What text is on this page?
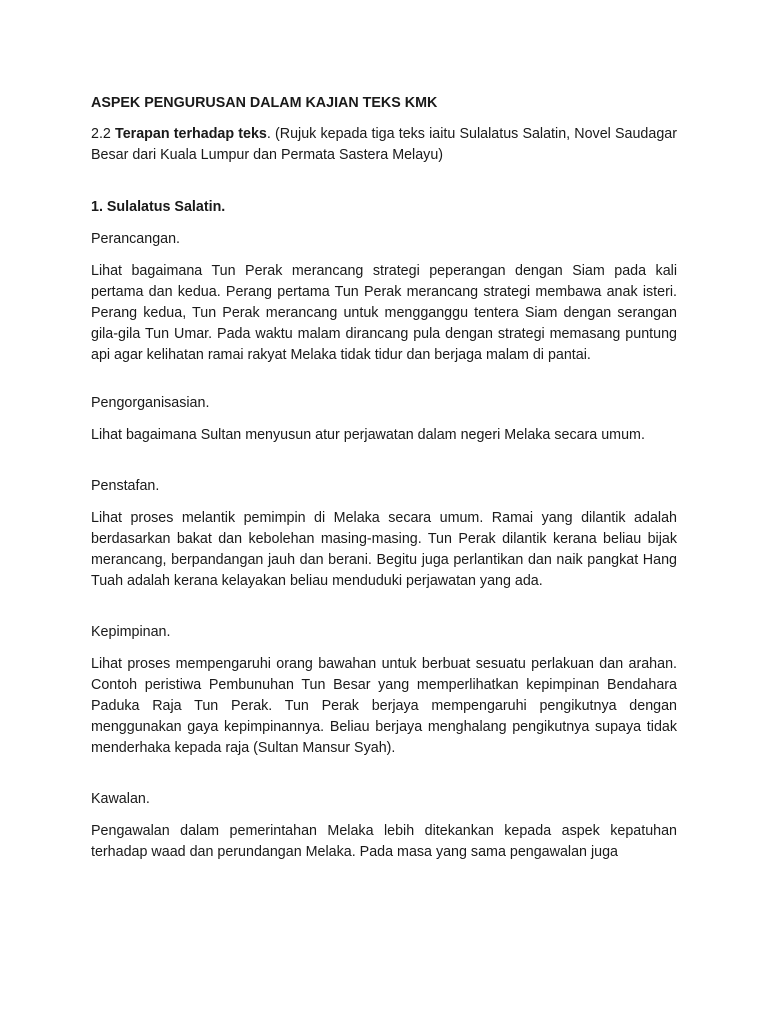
ASPEK PENGURUSAN DALAM KAJIAN TEKS KMK

2.2 Terapan terhadap teks. (Rujuk kepada tiga teks iaitu Sulalatus Salatin, Novel Saudagar Besar dari Kuala Lumpur dan Permata Sastera Melayu)

1. Sulalatus Salatin.
Perancangan.

Lihat bagaimana Tun Perak merancang strategi peperangan dengan Siam pada kali pertama dan kedua. Perang pertama Tun Perak merancang strategi membawa anak isteri. Perang kedua, Tun Perak merancang untuk mengganggu tentera Siam dengan serangan gila-gila Tun Umar. Pada waktu malam dirancang pula dengan strategi memasang puntung api agar kelihatan ramai rakyat Melaka tidak tidur dan berjaga malam di pantai.

Pengorganisasian.

Lihat bagaimana Sultan menyusun atur perjawatan dalam negeri Melaka secara umum.

Penstafan.

Lihat proses melantik pemimpin di Melaka secara umum. Ramai yang dilantik adalah berdasarkan bakat dan kebolehan masing-masing. Tun Perak dilantik kerana beliau bijak merancang, berpandangan jauh dan berani. Begitu juga perlantikan dan naik pangkat Hang Tuah adalah kerana kelayakan beliau menduduki perjawatan yang ada.

Kepimpinan.

Lihat proses mempengaruhi orang bawahan untuk berbuat sesuatu perlakuan dan arahan. Contoh peristiwa Pembunuhan Tun Besar yang memperlihatkan kepimpinan Bendahara Paduka Raja Tun Perak. Tun Perak berjaya mempengaruhi pengikutnya dengan menggunakan gaya kepimpinannya. Beliau berjaya menghalang pengikutnya supaya tidak menderhaka kepada raja (Sultan Mansur Syah).

Kawalan.

Pengawalan dalam pemerintahan Melaka lebih ditekankan kepada aspek kepatuhan terhadap waad dan perundangan Melaka. Pada masa yang sama pengawalan juga
